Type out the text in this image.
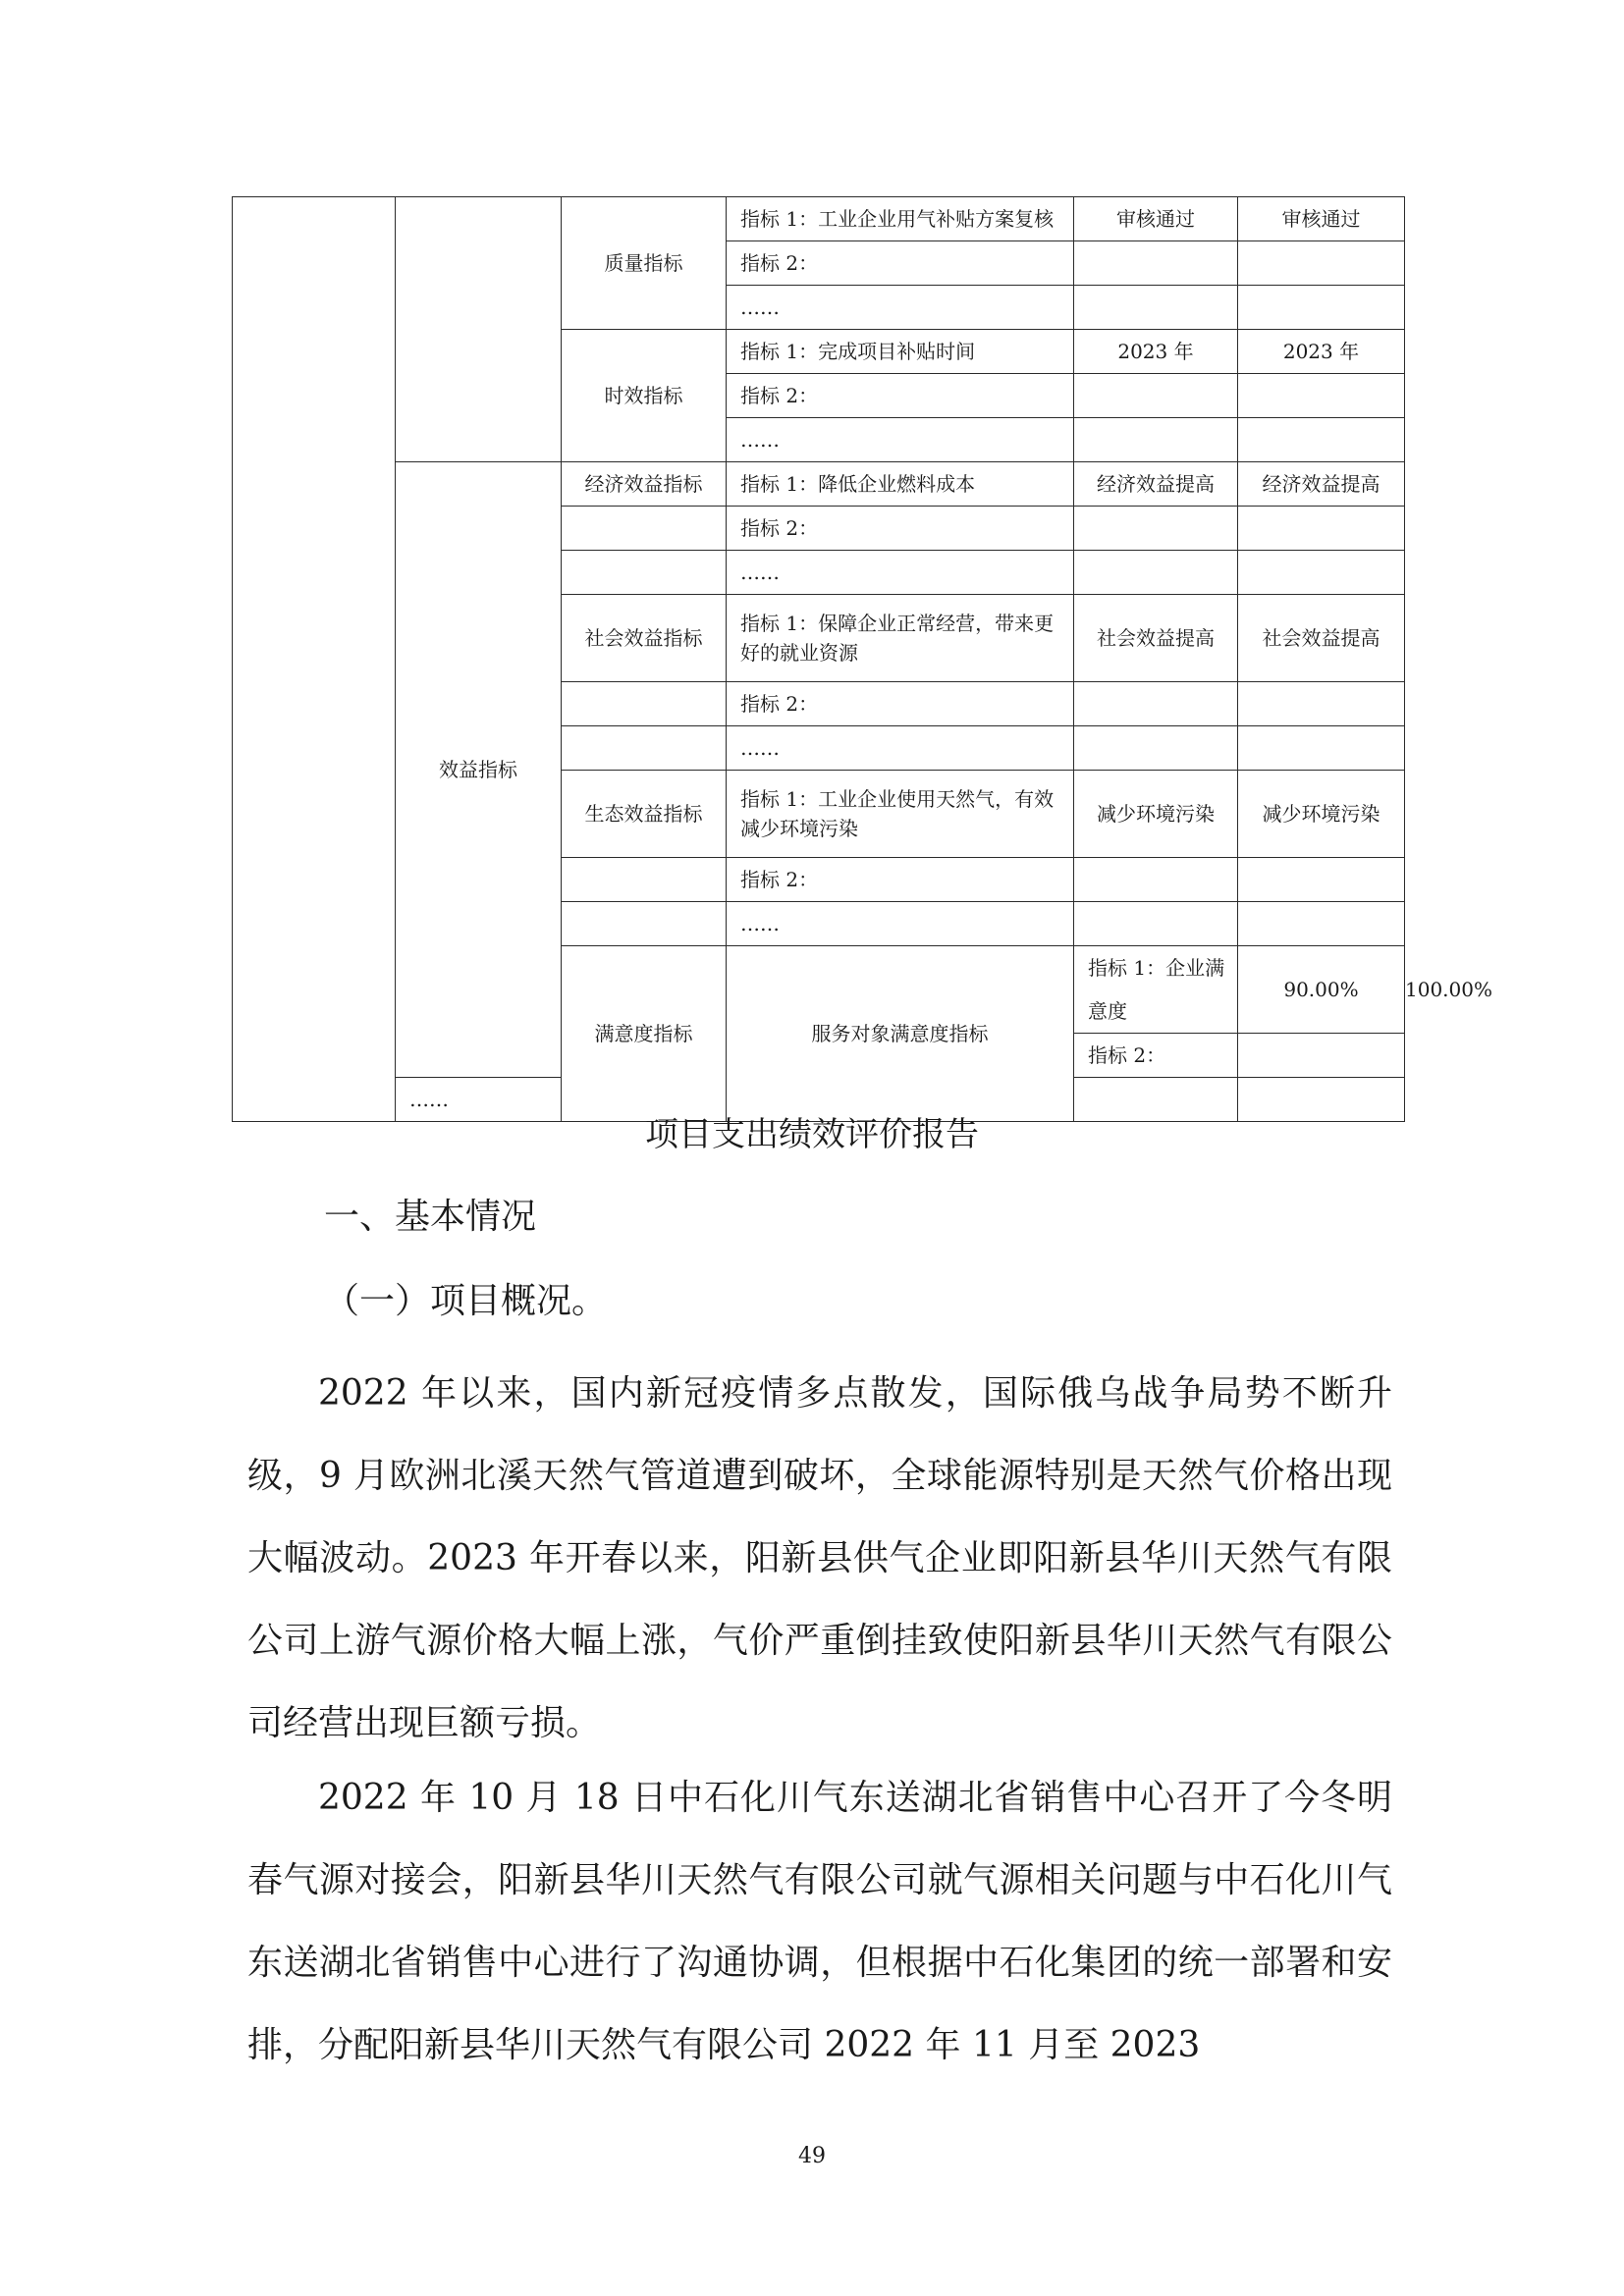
		质量指标	指标 1：工业企业用气补贴方案复核	审核通过	审核通过	
			指标 2：			
			……			
		时效指标	指标 1：完成项目补贴时间	2023 年	2023 年	
			指标 2：			
			……			
	效益指标	经济效益指标	指标 1：降低企业燃料成本	经济效益提高	经济效益提高	
			指标 2：			
			……			
		社会效益指标	指标 1：保障企业正常经营，带来更好的就业资源	社会效益提高	社会效益提高	
			指标 2：			
			……			
		生态效益指标	指标 1：工业企业使用天然气，有效减少环境污染	减少环境污染	减少环境污染	
			指标 2：			
			……			
		满意度指标	服务对象满意度指标	指标 1：企业满意度	90.00%	100.00%
				指标 2：		
	……					
项目支出绩效评价报告
一、基本情况
（一）项目概况。

2022 年以来，国内新冠疫情多点散发，国际俄乌战争局势不断升级，9 月欧洲北溪天然气管道遭到破坏，全球能源特别是天然气价格出现大幅波动。2023 年开春以来，阳新县供气企业即阳新县华川天然气有限公司上游气源价格大幅上涨，气价严重倒挂致使阳新县华川天然气有限公司经营出现巨额亏损。

2022 年 10 月 18 日中石化川气东送湖北省销售中心召开了今冬明春气源对接会，阳新县华川天然气有限公司就气源相关问题与中石化川气东送湖北省销售中心进行了沟通协调，但根据中石化集团的统一部署和安排，分配阳新县华川天然气有限公司 2022 年 11 月至 2023

49
